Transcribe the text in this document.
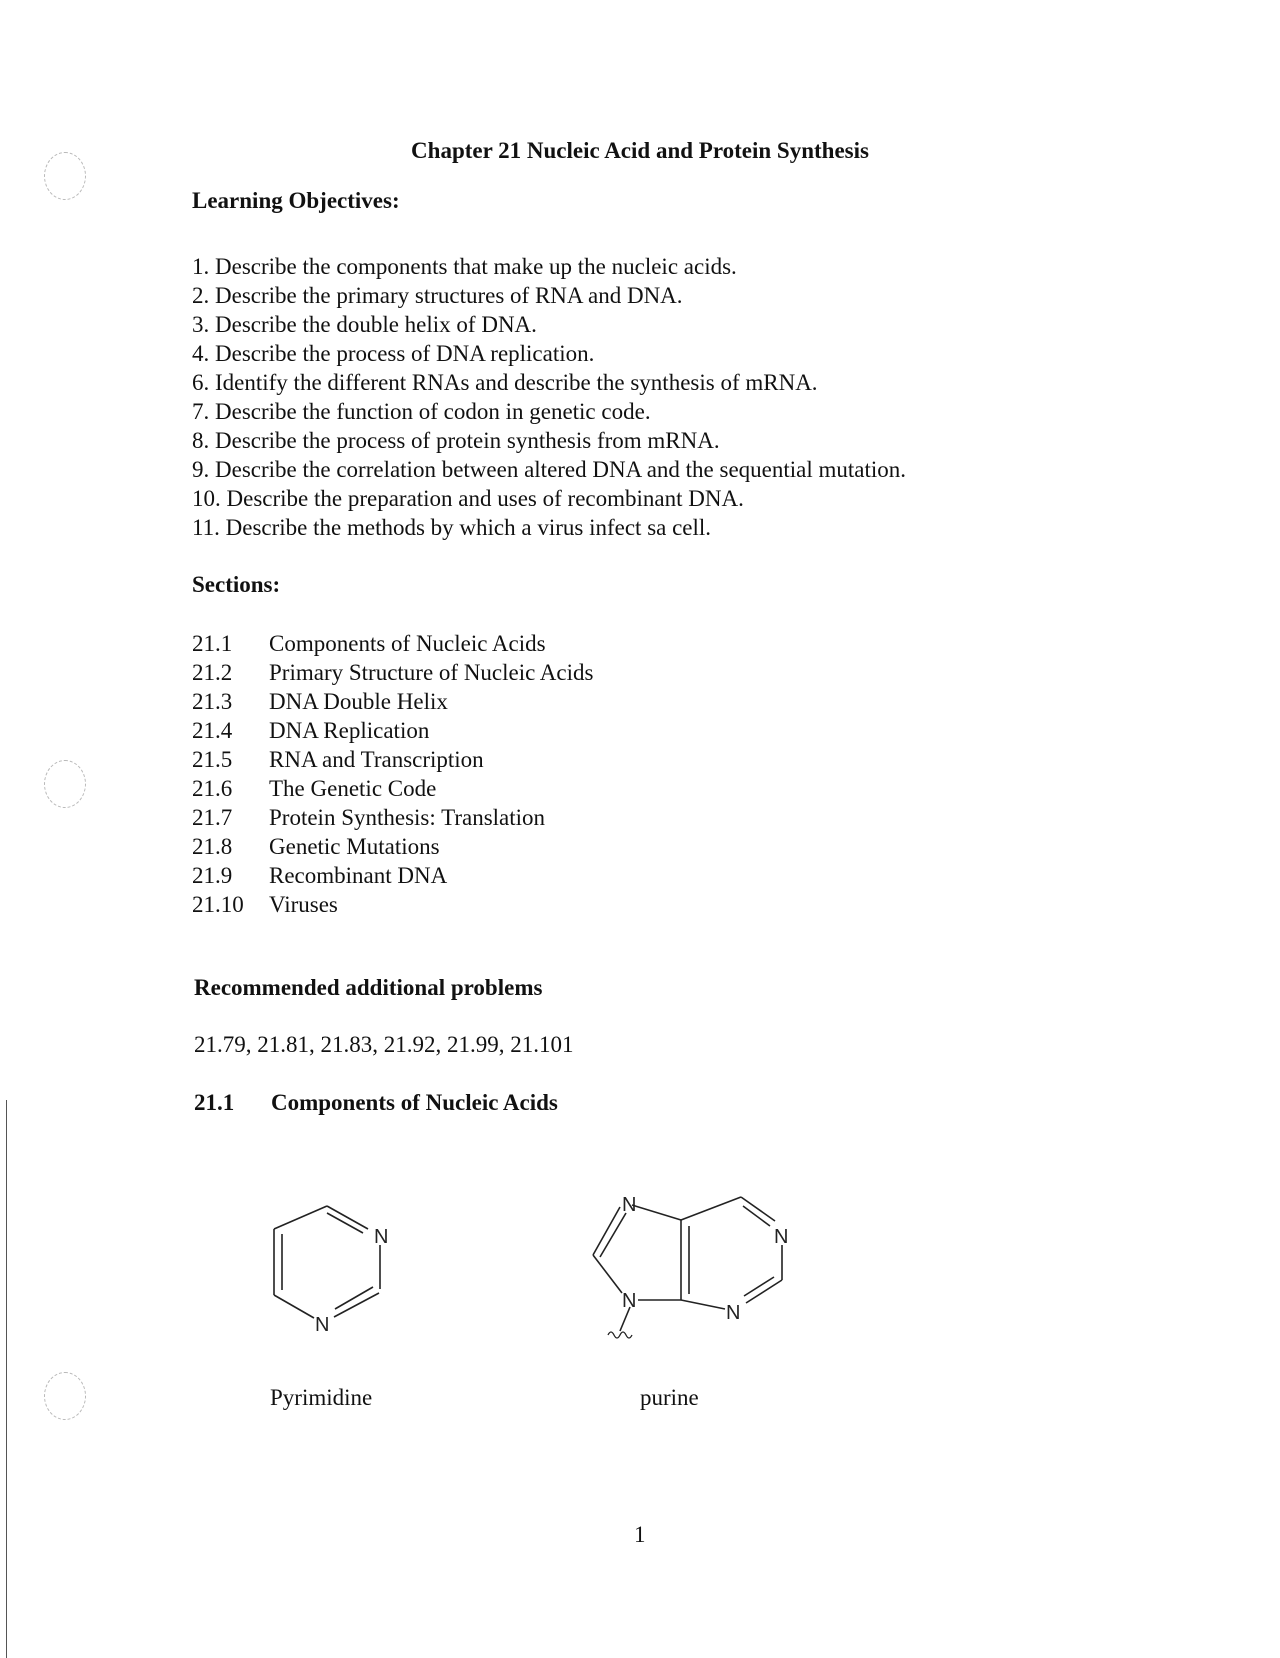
Chapter 21 Nucleic Acid and Protein Synthesis
Learning Objectives:
1. Describe the components that make up the nucleic acids.
2. Describe the primary structures of RNA and DNA.
3. Describe the double helix of DNA.
4. Describe the process of DNA replication.
6. Identify the different RNAs and describe the synthesis of mRNA.
7. Describe the function of codon in genetic code.
8. Describe the process of protein synthesis from mRNA.
9. Describe the correlation between altered DNA and the sequential mutation.
10. Describe the preparation and uses of recombinant DNA.
11. Describe the methods by which a virus infect sa cell.
Sections:
21.1 Components of Nucleic Acids
21.2 Primary Structure of Nucleic Acids
21.3 DNA Double Helix
21.4 DNA Replication
21.5 RNA and Transcription
21.6 The Genetic Code
21.7 Protein Synthesis: Translation
21.8 Genetic Mutations
21.9 Recombinant DNA
21.10 Viruses
Recommended additional problems
21.79, 21.81, 21.83, 21.92, 21.99, 21.101
21.1 Components of Nucleic Acids
N
N
Pyrimidine
N
N
N
N
purine
1
